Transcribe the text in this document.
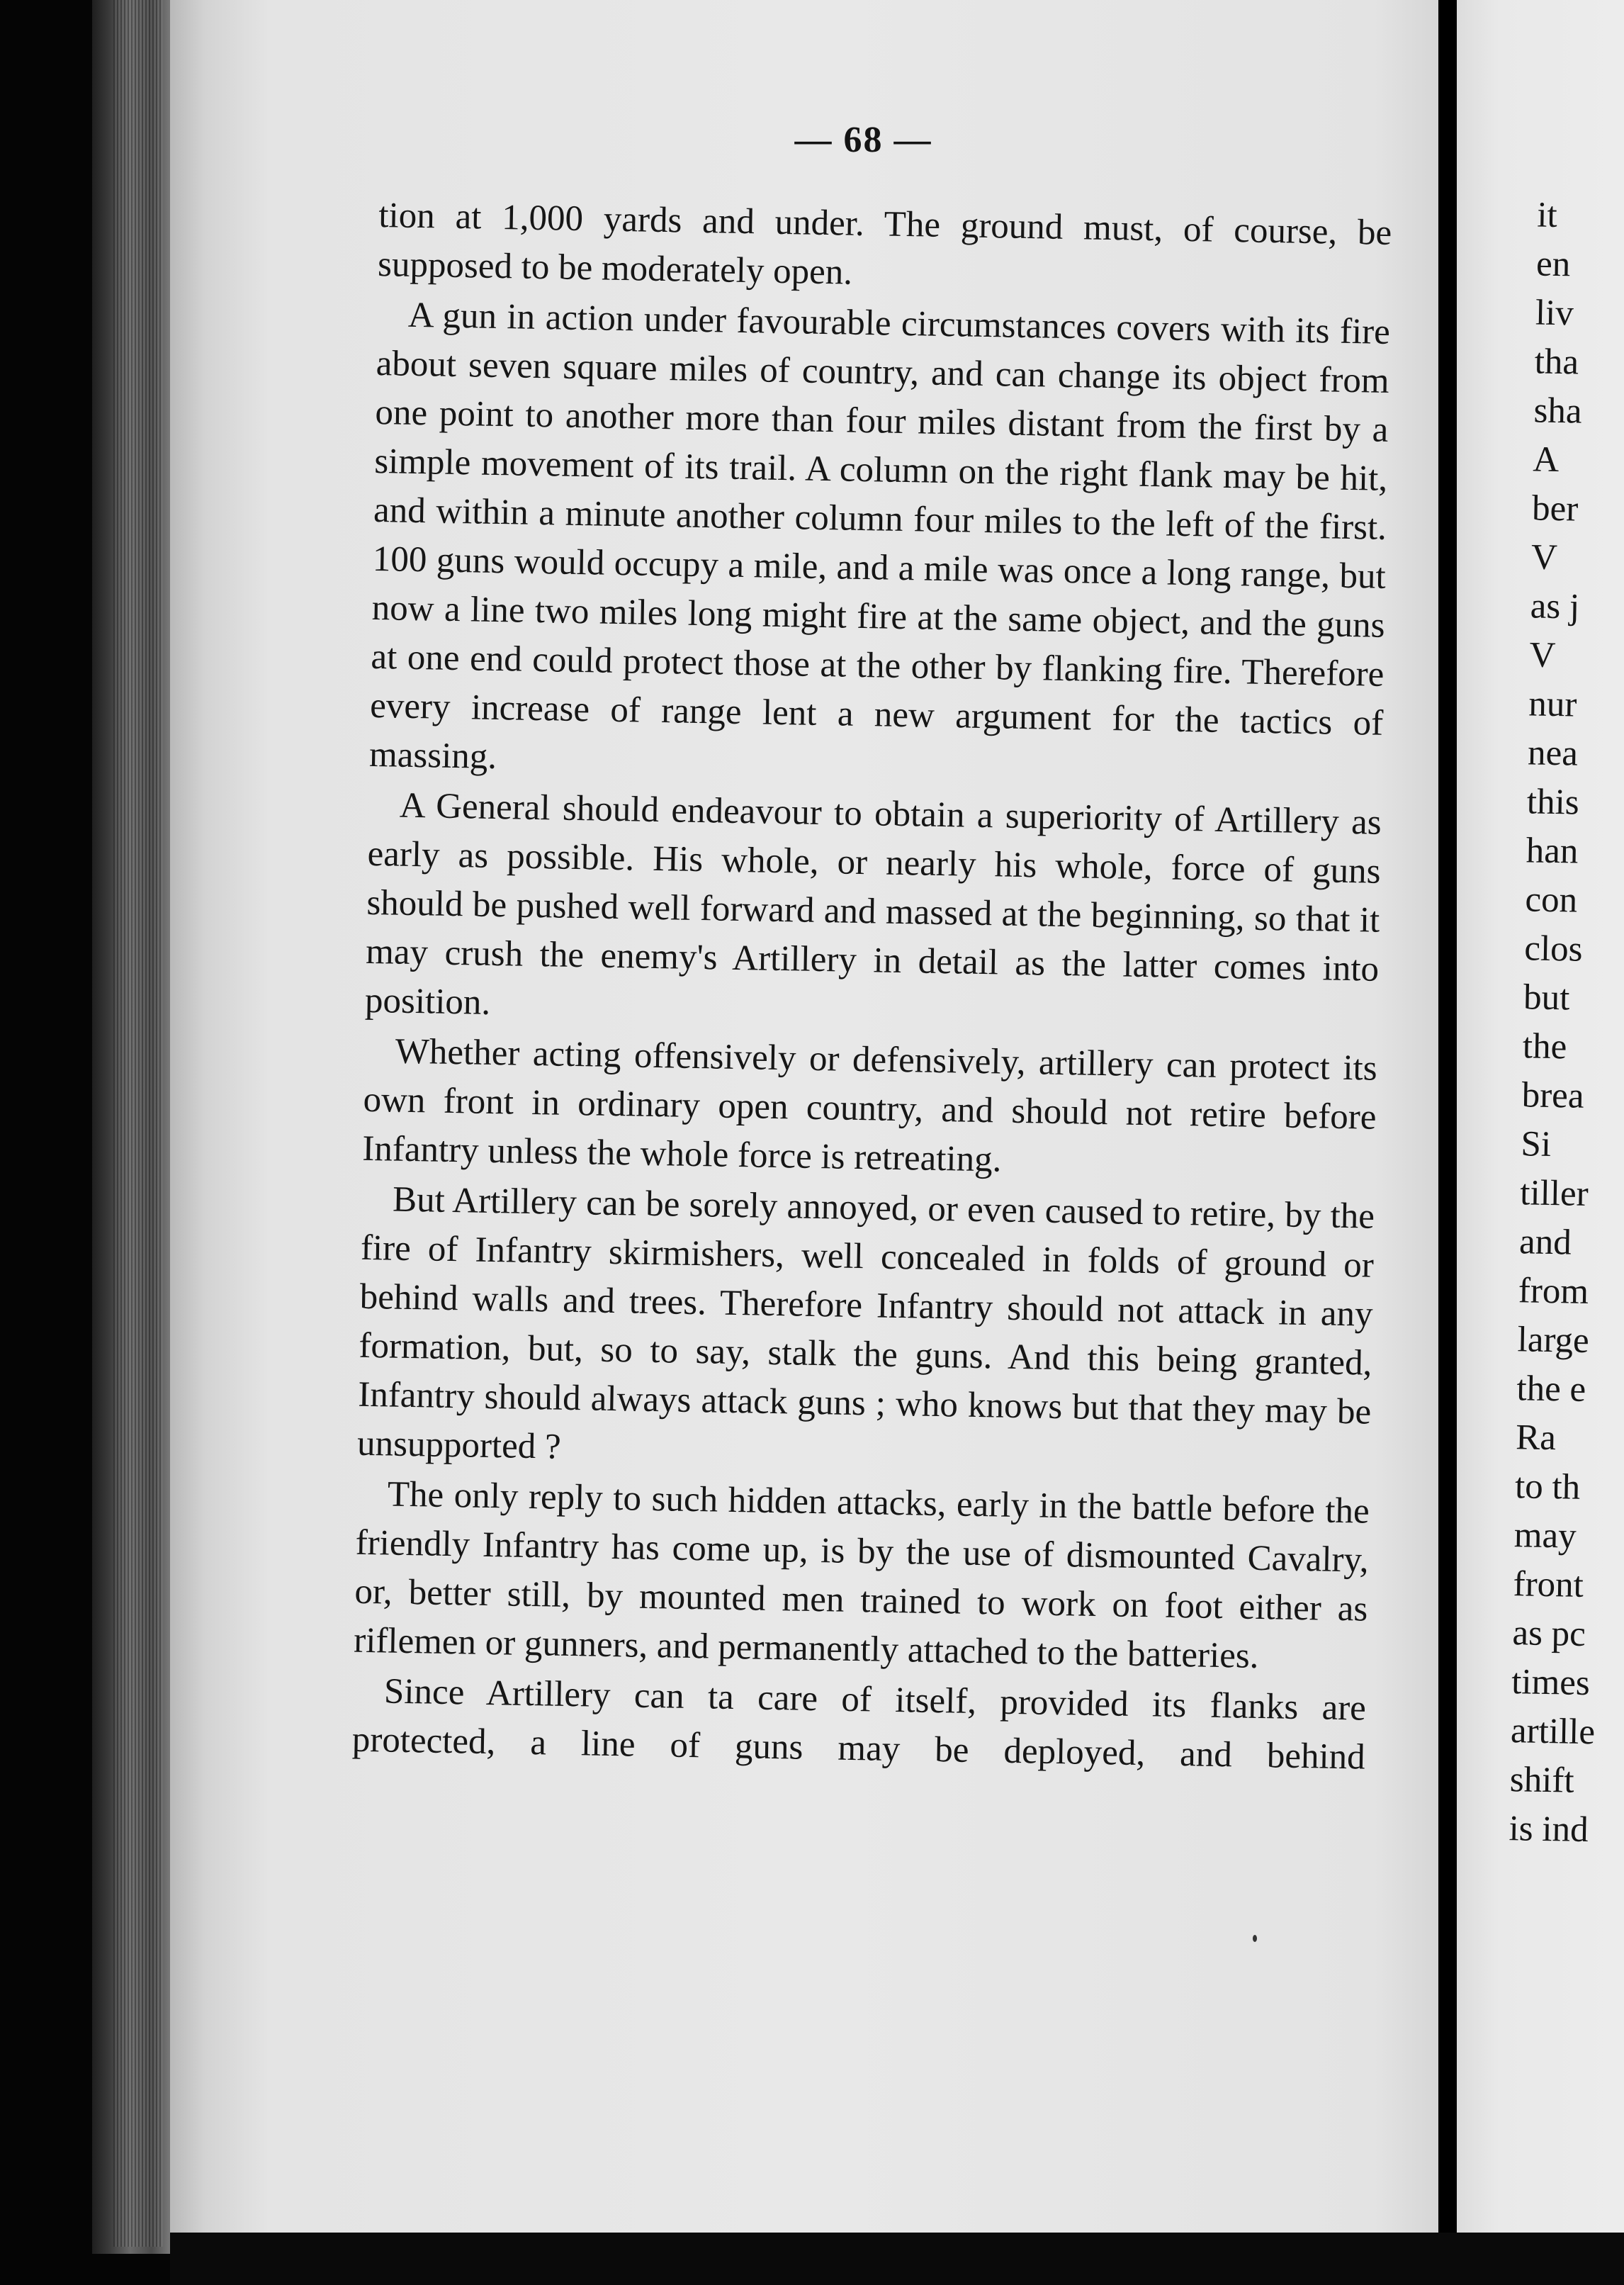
— 68 —

tion at 1,000 yards and under. The ground must, of course, be supposed to be moderately open.

A gun in action under favourable circumstances covers with its fire about seven square miles of country, and can change its object from one point to another more than four miles distant from the first by a simple movement of its trail. A column on the right flank may be hit, and within a minute another column four miles to the left of the first. 100 guns would occupy a mile, and a mile was once a long range, but now a line two miles long might fire at the same object, and the guns at one end could protect those at the other by flanking fire. Therefore every increase of range lent a new argument for the tactics of massing.

A General should endeavour to obtain a superiority of Artillery as early as possible. His whole, or nearly his whole, force of guns should be pushed well forward and massed at the beginning, so that it may crush the enemy's Artillery in detail as the latter comes into position.

Whether acting offensively or defensively, artillery can protect its own front in ordinary open country, and should not retire before Infantry unless the whole force is retreating.

But Artillery can be sorely annoyed, or even caused to retire, by the fire of Infantry skirmishers, well concealed in folds of ground or behind walls and trees. Therefore Infantry should not attack in any formation, but, so to say, stalk the guns. And this being granted, Infantry should always attack guns ; who knows but that they may be unsupported ?

The only reply to such hidden attacks, early in the battle before the friendly Infantry has come up, is by the use of dismounted Cavalry, or, better still, by mounted men trained to work on foot either as riflemen or gunners, and permanently attached to the batteries.

Since Artillery can ta care of itself, provided its flanks are protected, a line of guns may be deployed, and behind

it
en
liv
tha
sha
A
ber
V
as j
V
nur
nea
this
han
con
clos
but
the
brea
Si
tiller
and
from
large
the e
Ra
to th
may
front
as pc
times
artille
shift
is ind
